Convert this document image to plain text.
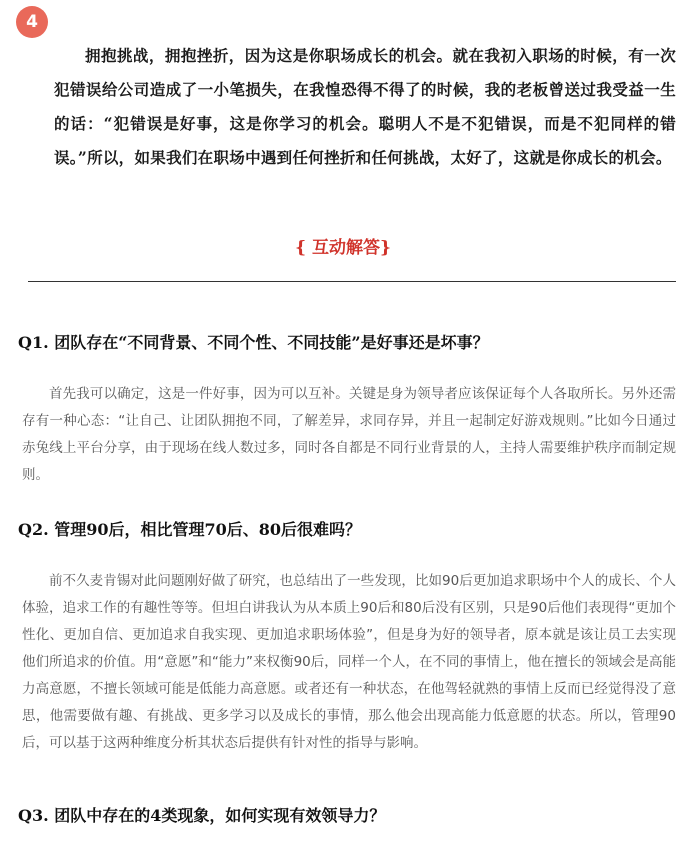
4

拥抱挑战，拥抱挫折，因为这是你职场成长的机会。就在我初入职场的时候，有一次犯错误给公司造成了一小笔损失，在我惶恐得不得了的时候，我的老板曾送过我受益一生的话：“犯错误是好事，这是你学习的机会。聪明人不是不犯错误，而是不犯同样的错误。”所以，如果我们在职场中遇到任何挫折和任何挑战，太好了，这就是你成长的机会。

{ 互动解答}

Q1. 团队存在“不同背景、不同个性、不同技能”是好事还是坏事？

首先我可以确定，这是一件好事，因为可以互补。关键是身为领导者应该保证每个人各取所长。另外还需存有一种心态：“让自己、让团队拥抱不同，了解差异，求同存异，并且一起制定好游戏规则。”比如今日通过赤兔线上平台分享，由于现场在线人数过多，同时各自都是不同行业背景的人，主持人需要维护秩序而制定规则。

Q2. 管理90后，相比管理70后、80后很难吗？

前不久麦肯锡对此问题刚好做了研究，也总结出了一些发现，比如90后更加追求职场中个人的成长、个人体验，追求工作的有趣性等等。但坦白讲我认为从本质上90后和80后没有区别，只是90后他们表现得“更加个性化、更加自信、更加追求自我实现、更加追求职场体验”，但是身为好的领导者，原本就是该让员工去实现他们所追求的价值。用“意愿”和“能力”来权衡90后，同样一个人，在不同的事情上，他在擅长的领域会是高能力高意愿，不擅长领域可能是低能力高意愿。或者还有一种状态，在他驾轻就熟的事情上反而已经觉得没了意思，他需要做有趣、有挑战、更多学习以及成长的事情，那么他会出现高能力低意愿的状态。所以，管理90后，可以基于这两种维度分析其状态后提供有针对性的指导与影响。

Q3. 团队中存在的4类现象，如何实现有效领导力？
